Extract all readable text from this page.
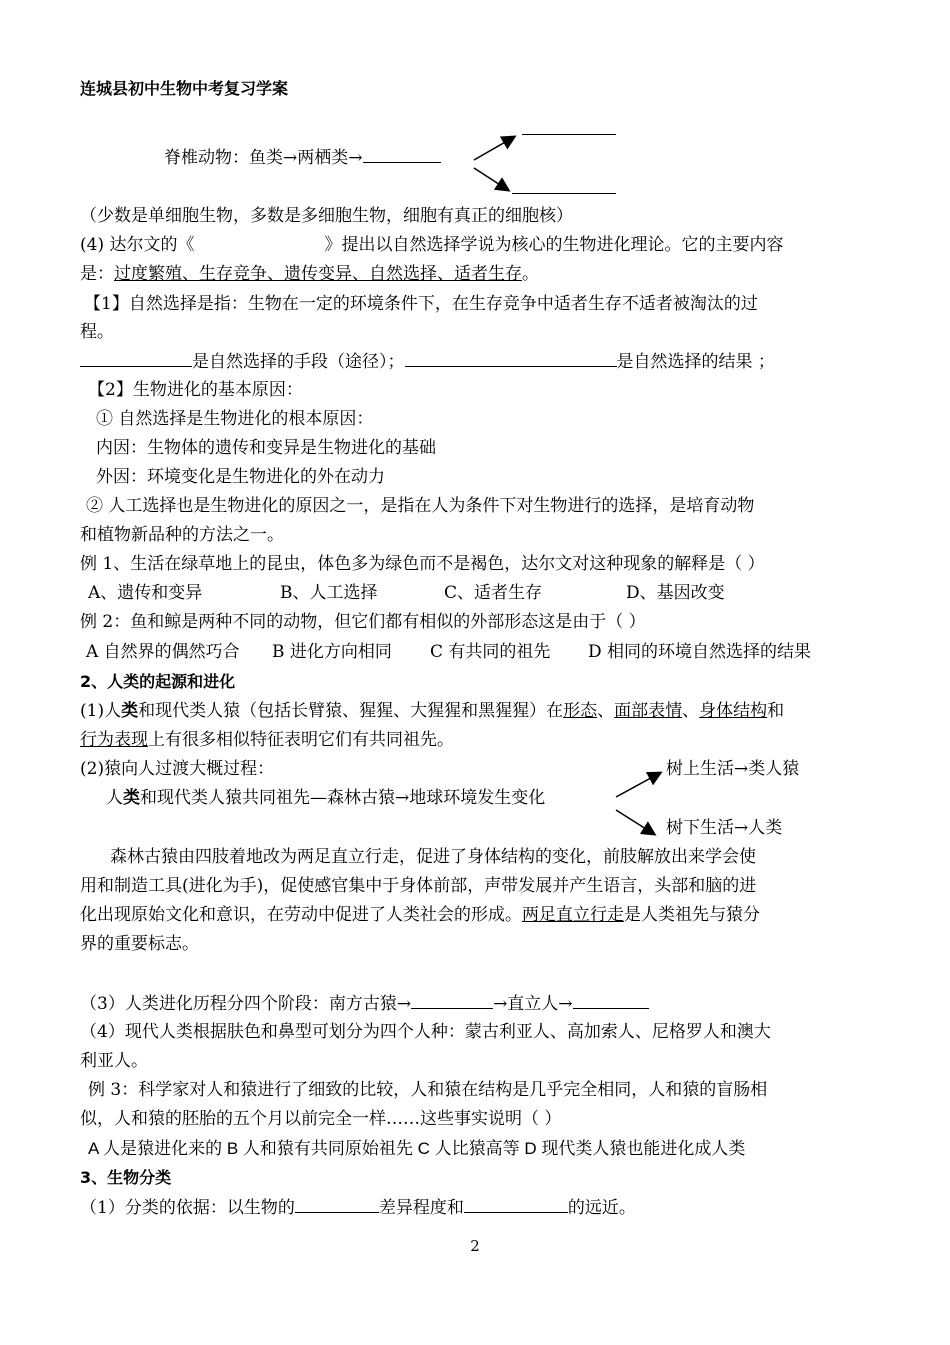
连城县初中生物中考复习学案
脊椎动物：鱼类→两栖类→
（少数是单细胞生物，多数是多细胞生物，细胞有真正的细胞核）
(4) 达尔文的《	》提出以自然选择学说为核心的生物进化理论。它的主要内容
是：过度繁殖、生存竞争、遗传变异、自然选择、适者生存。
【1】自然选择是指：生物在一定的环境条件下，在生存竞争中适者生存不适者被淘汰的过
程。
是自然选择的手段（途径）；	是自然选择的结果 ；
【2】生物进化的基本原因：
① 自然选择是生物进化的根本原因：
内因：生物体的遗传和变异是生物进化的基础
外因：环境变化是生物进化的外在动力
② 人工选择也是生物进化的原因之一，是指在人为条件下对生物进行的选择，是培育动物
和植物新品种的方法之一。
例 1、生活在绿草地上的昆虫，体色多为绿色而不是褐色，达尔文对这种现象的解释是（ ）
A、遗传和变异	B、人工选择	C、适者生存	D、基因改变
例 2：鱼和鲸是两种不同的动物，但它们都有相似的外部形态这是由于（ ）
A 自然界的偶然巧合 B 进化方向相同 C 有共同的祖先 D 相同的环境自然选择的结果
2、人类的起源和进化
(1)人类和现代类人猿（包括长臂猿、猩猩、大猩猩和黑猩猩）在形态、面部表情、身体结构和
行为表现上有很多相似特征表明它们有共同祖先。
(2)猿向人过渡大概过程：	树上生活→类人猿
人类和现代类人猿共同祖先—森林古猿→地球环境发生变化
树下生活→人类
森林古猿由四肢着地改为两足直立行走，促进了身体结构的变化，前肢解放出来学会使
用和制造工具(进化为手)，促使感官集中于身体前部，声带发展并产生语言，头部和脑的进
化出现原始文化和意识，在劳动中促进了人类社会的形成。两足直立行走是人类祖先与猿分
界的重要标志。
（3）人类进化历程分四个阶段：南方古猿→	→直立人→
（4）现代人类根据肤色和鼻型可划分为四个人种：蒙古利亚人、高加索人、尼格罗人和澳大
利亚人。
例 3：科学家对人和猿进行了细致的比较，人和猿在结构是几乎完全相同，人和猿的盲肠相
似，人和猿的胚胎的五个月以前完全一样……这些事实说明（ ）
A 人是猿进化来的 B 人和猿有共同原始祖先 C 人比猿高等 D 现代类人猿也能进化成人类
3、生物分类
（1）分类的依据：以生物的	差异程度和	的远近。
2
